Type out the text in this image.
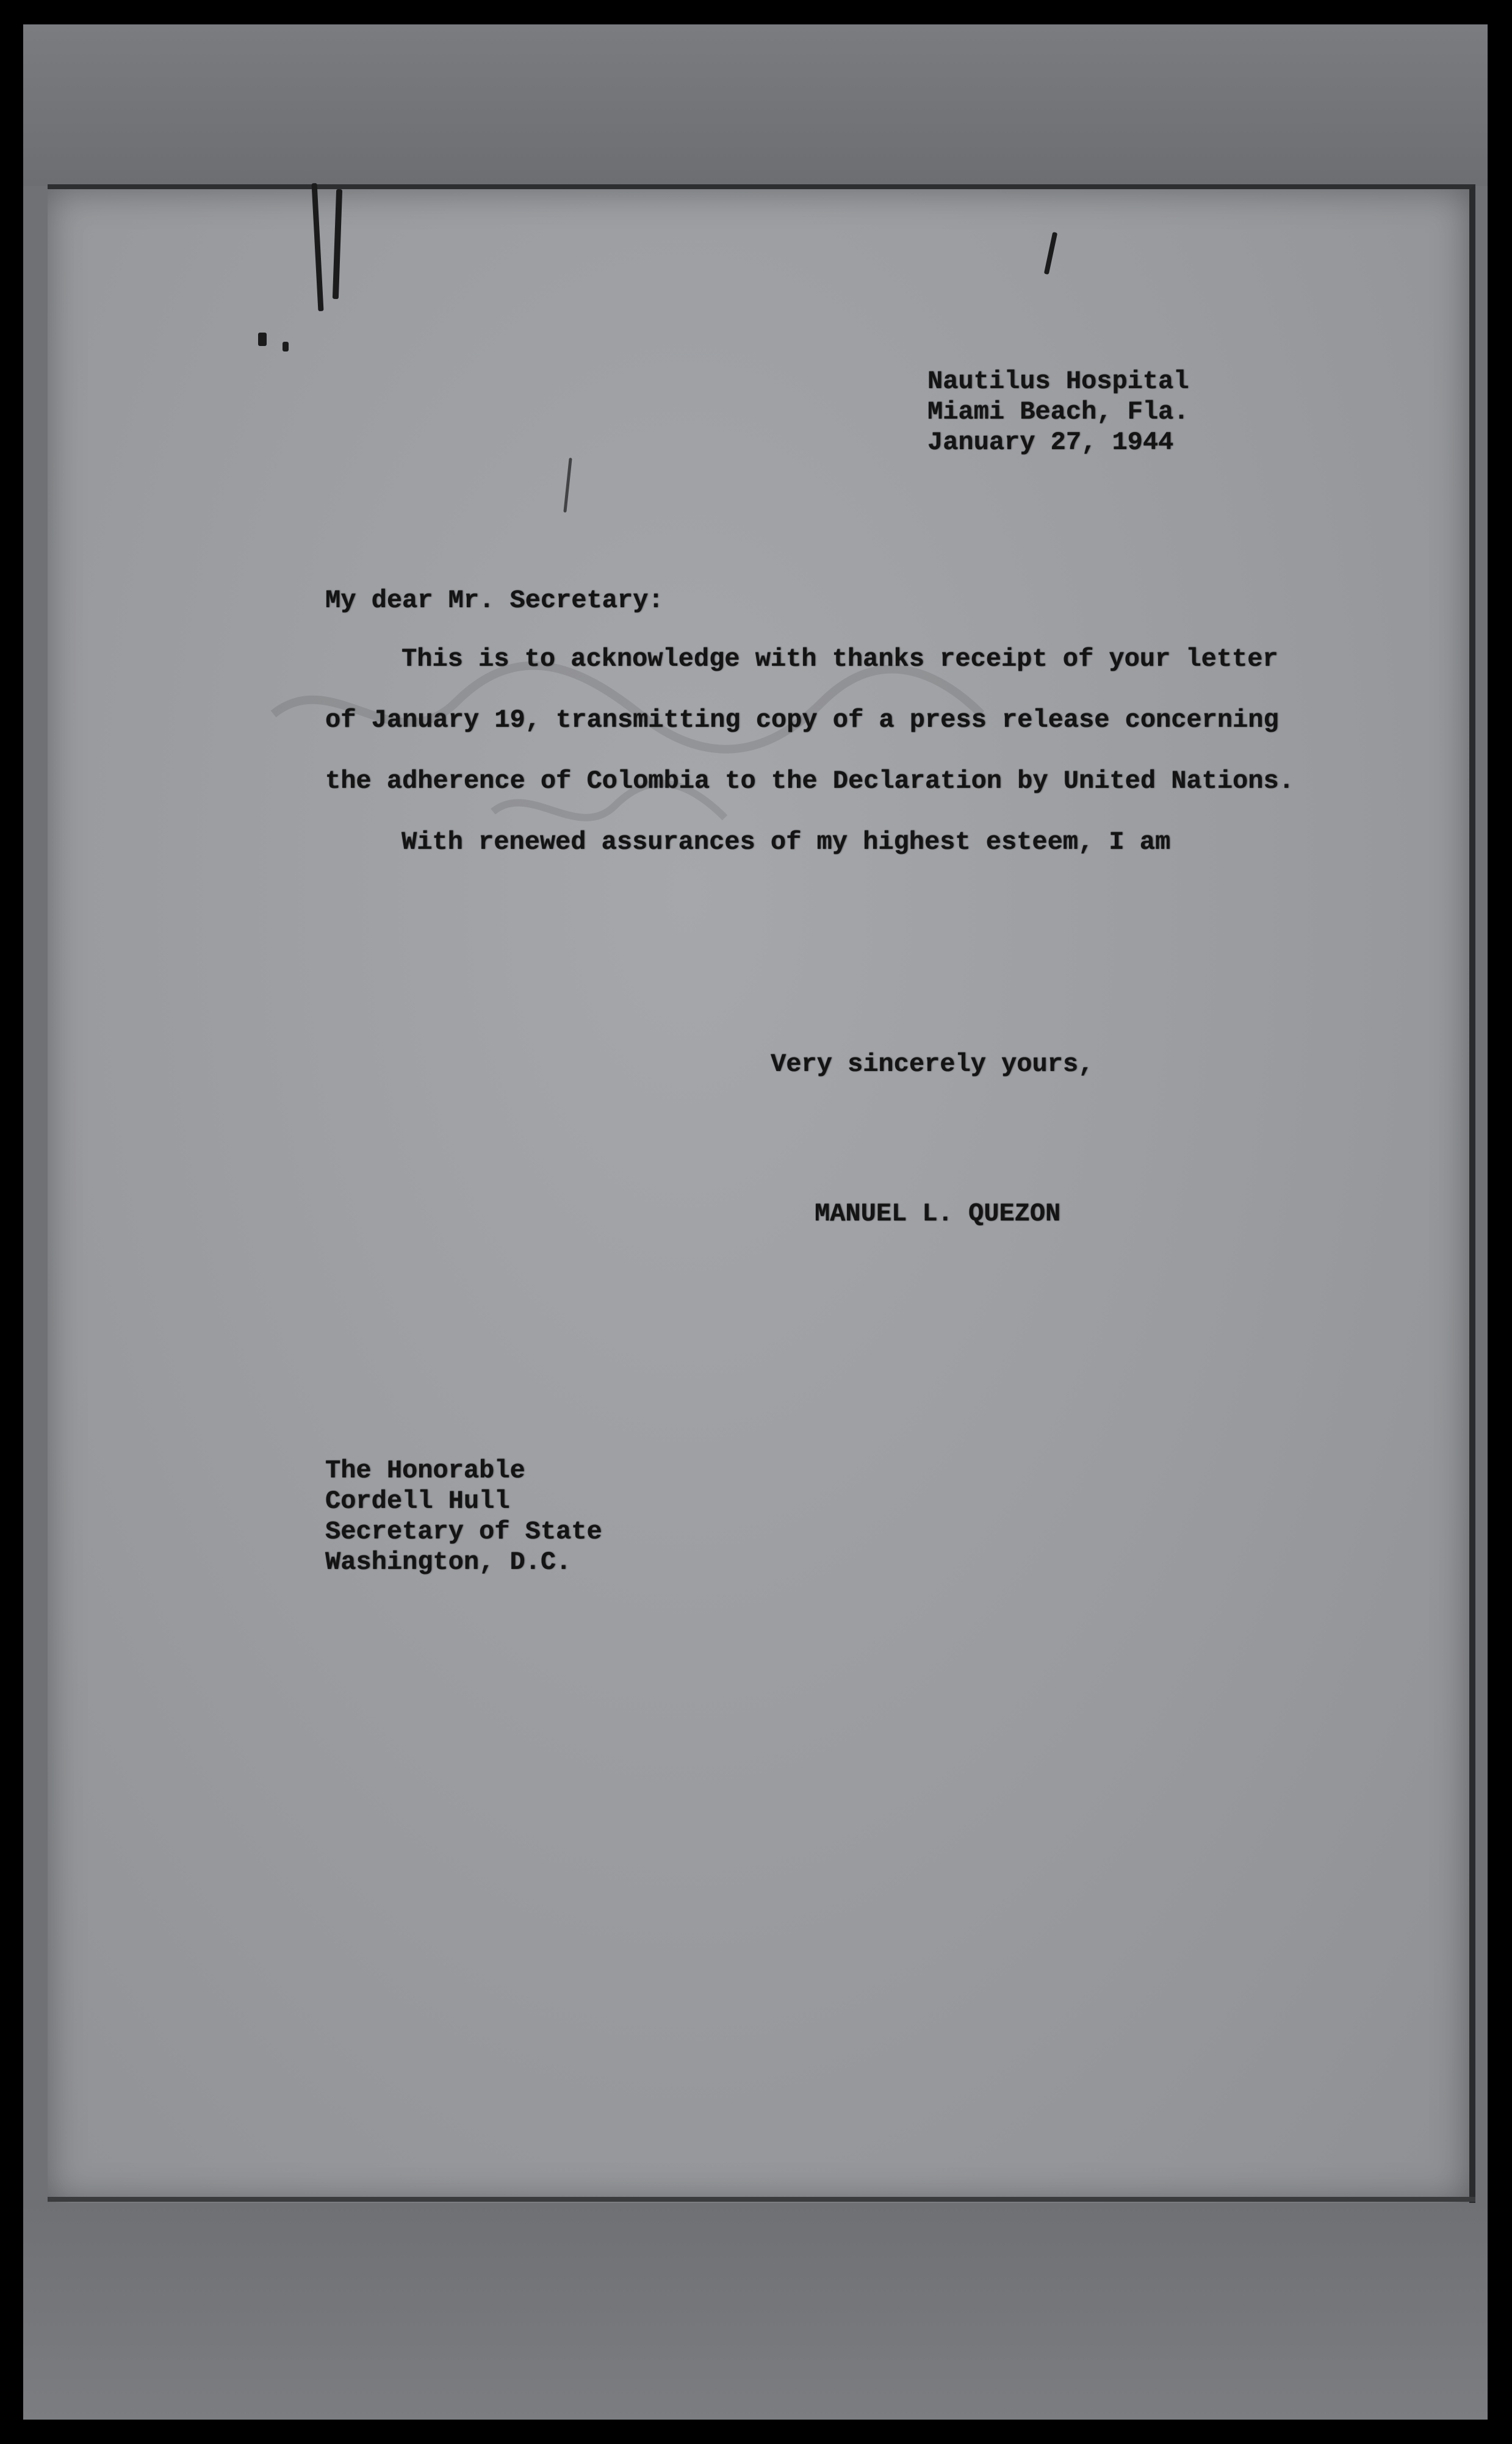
Nautilus Hospital
Miami Beach, Fla.
January 27, 1944
My dear Mr. Secretary:
This is to acknowledge with thanks receipt of your letter
of January 19, transmitting copy of a press release concerning
the adherence of Colombia to the Declaration by United Nations.
With renewed assurances of my highest esteem, I am
Very sincerely yours,
MANUEL L. QUEZON
The Honorable
Cordell Hull
Secretary of State
Washington, D.C.
